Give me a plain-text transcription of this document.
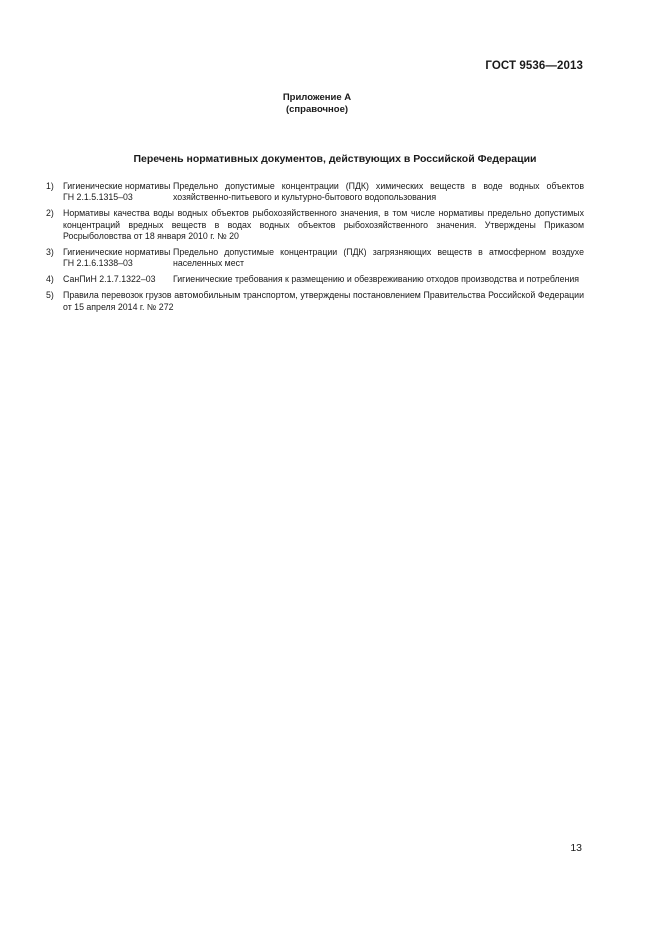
ГОСТ 9536—2013
Приложение А
(справочное)
Перечень нормативных документов, действующих в Российской Федерации
1) Гигиенические нормативы
ГН 2.1.5.1315–03
Предельно допустимые концентрации (ПДК) химических веществ в воде водных объектов хозяйственно-питьевого и культурно-бытового водопользования
2) Нормативы качества воды водных объектов рыбохозяйственного значения, в том числе нормативы предельно допустимых концентраций вредных веществ в водах водных объектов рыбохозяйственного значения. Утверждены Приказом Росрыболовства от 18 января 2010 г. № 20
3) Гигиенические нормативы
ГН 2.1.6.1338–03
Предельно допустимые концентрации (ПДК) загрязняющих веществ в атмосферном воздухе населенных мест
4) СанПиН 2.1.7.1322–03	Гигиенические требования к размещению и обезвреживанию отходов производства и потребления
5) Правила перевозок грузов автомобильным транспортом, утверждены постановлением Правительства Российской Федерации от 15 апреля 2014 г. № 272
13
